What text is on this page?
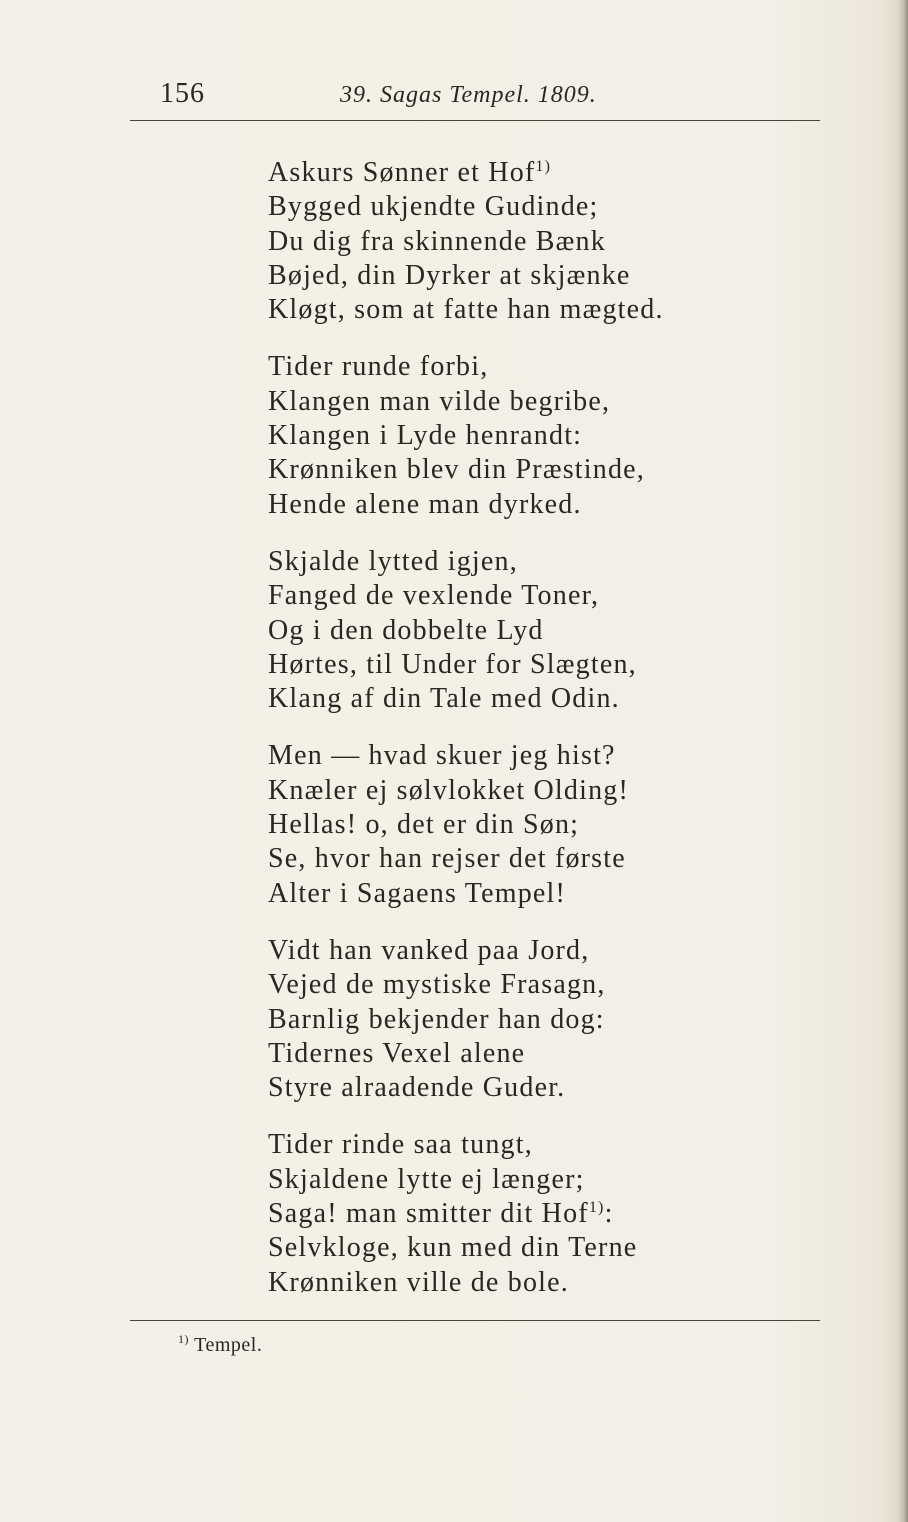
156	39. Sagas Tempel. 1809.
Askurs Sønner et Hof$^{1)}$
Bygged ukjendte Gudinde;
Du dig fra skinnende Bænk
Bøjed, din Dyrker at skjænke
Kløgt, som at fatte han mægted.
Tider runde forbi,
Klangen man vilde begribe,
Klangen i Lyde henrandt:
Krønniken blev din Præstinde,
Hende alene man dyrked.
Skjalde lytted igjen,
Fanged de vexlende Toner,
Og i den dobbelte Lyd
Hørtes, til Under for Slægten,
Klang af din Tale med Odin.
Men — hvad skuer jeg hist?
Knæler ej sølvlokket Olding!
Hellas! o, det er din Søn;
Se, hvor han rejser det første
Alter i Sagaens Tempel!
Vidt han vanked paa Jord,
Vejed de mystiske Frasagn,
Barnlig bekjender han dog:
Tidernes Vexel alene
Styre alraadende Guder.
Tider rinde saa tungt,
Skjaldene lytte ej længer;
Saga! man smitter dit Hof$^{1)}$:
Selvkloge, kun med din Terne
Krønniken ville de bole.
$^{1)}$ Tempel.
